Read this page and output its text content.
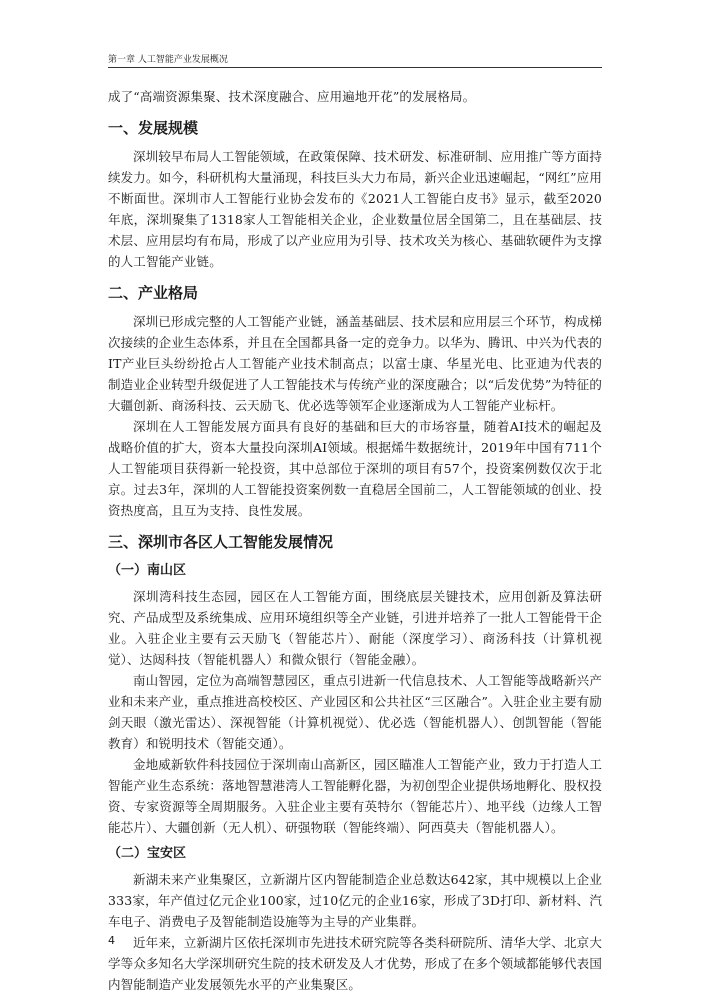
第一章 人工智能产业发展概况

成了“高端资源集聚、技术深度融合、应用遍地开花”的发展格局。

一、发展规模

深圳较早布局人工智能领域，在政策保障、技术研发、标准研制、应用推广等方面持续发力。如今，科研机构大量涌现，科技巨头大力布局，新兴企业迅速崛起，“网红”应用不断面世。深圳市人工智能行业协会发布的《2021人工智能白皮书》显示，截至2020年底，深圳聚集了1318家人工智能相关企业，企业数量位居全国第二，且在基础层、技术层、应用层均有布局，形成了以产业应用为引导、技术攻关为核心、基础软硬件为支撑的人工智能产业链。

二、产业格局

深圳已形成完整的人工智能产业链，涵盖基础层、技术层和应用层三个环节，构成梯次接续的企业生态体系，并且在全国都具备一定的竞争力。以华为、腾讯、中兴为代表的IT产业巨头纷纷抢占人工智能产业技术制高点；以富士康、华星光电、比亚迪为代表的制造业企业转型升级促进了人工智能技术与传统产业的深度融合；以“后发优势”为特征的大疆创新、商汤科技、云天励飞、优必选等领军企业逐渐成为人工智能产业标杆。

深圳在人工智能发展方面具有良好的基础和巨大的市场容量，随着AI技术的崛起及战略价值的扩大，资本大量投向深圳AI领域。根据烯牛数据统计，2019年中国有711个人工智能项目获得新一轮投资，其中总部位于深圳的项目有57个，投资案例数仅次于北京。过去3年，深圳的人工智能投资案例数一直稳居全国前二，人工智能领域的创业、投资热度高，且互为支持、良性发展。

三、深圳市各区人工智能发展情况
（一）南山区

深圳湾科技生态园，园区在人工智能方面，围绕底层关键技术，应用创新及算法研究、产品成型及系统集成、应用环境组织等全产业链，引进并培养了一批人工智能骨干企业。入驻企业主要有云天励飞（智能芯片）、耐能（深度学习）、商汤科技（计算机视觉）、达闼科技（智能机器人）和微众银行（智能金融）。

南山智园，定位为高端智慧园区，重点引进新一代信息技术、人工智能等战略新兴产业和未来产业，重点推进高校校区、产业园区和公共社区“三区融合”。入驻企业主要有励剑天眼（激光雷达）、深视智能（计算机视觉）、优必选（智能机器人）、创凯智能（智能教育）和锐明技术（智能交通）。

金地威新软件科技园位于深圳南山高新区，园区瞄准人工智能产业，致力于打造人工智能产业生态系统：落地智慧港湾人工智能孵化器，为初创型企业提供场地孵化、股权投资、专家资源等全周期服务。入驻企业主要有英特尔（智能芯片）、地平线（边缘人工智能芯片）、大疆创新（无人机）、研强物联（智能终端）、阿西莫夫（智能机器人）。

（二）宝安区

新湖未来产业集聚区，立新湖片区内智能制造企业总数达642家，其中规模以上企业333家，年产值过亿元企业100家，过10亿元的企业16家，形成了3D打印、新材料、汽车电子、消费电子及智能制造设施等为主导的产业集群。

近年来，立新湖片区依托深圳市先进技术研究院等各类科研院所、清华大学、北京大学等众多知名大学深圳研究生院的技术研发及人才优势，形成了在多个领域都能够代表国内智能制造产业发展领先水平的产业集聚区。

4
